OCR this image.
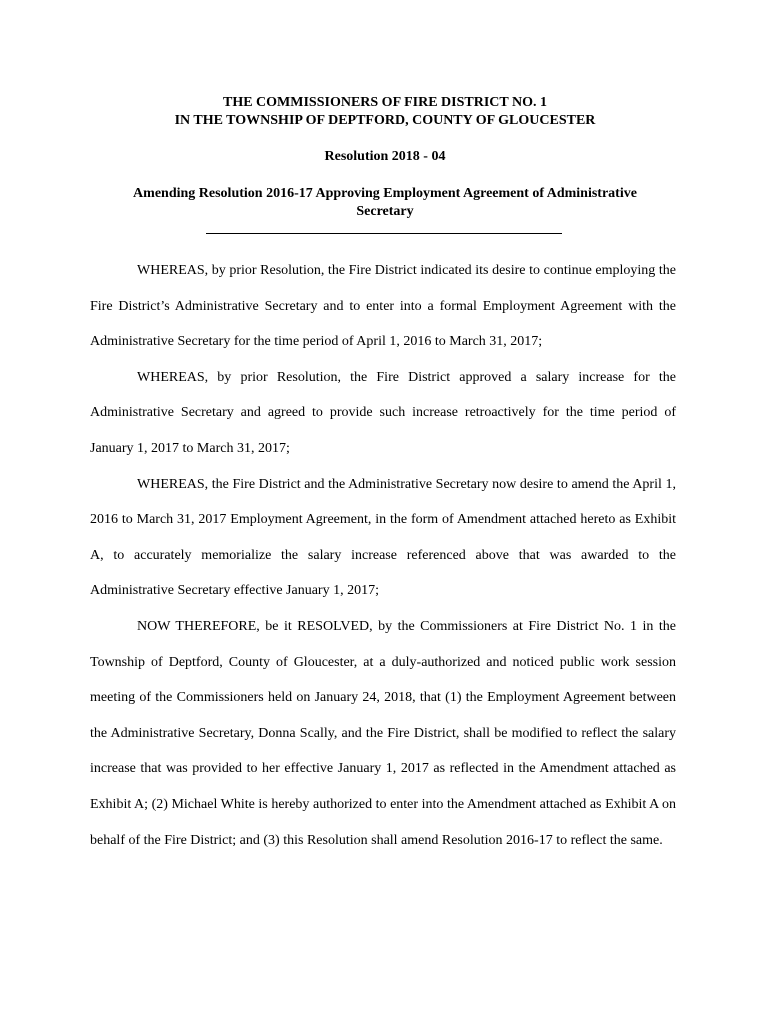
THE COMMISSIONERS OF FIRE DISTRICT NO. 1
IN THE TOWNSHIP OF DEPTFORD, COUNTY OF GLOUCESTER
Resolution 2018 - 04
Amending Resolution 2016-17 Approving Employment Agreement of Administrative Secretary

WHEREAS, by prior Resolution, the Fire District indicated its desire to continue employing the Fire District’s Administrative Secretary and to enter into a formal Employment Agreement with the Administrative Secretary for the time period of April 1, 2016 to March 31, 2017;

WHEREAS, by prior Resolution, the Fire District approved a salary increase for the Administrative Secretary and agreed to provide such increase retroactively for the time period of January 1, 2017 to March 31, 2017;

WHEREAS, the Fire District and the Administrative Secretary now desire to amend the April 1, 2016 to March 31, 2017 Employment Agreement, in the form of Amendment attached hereto as Exhibit A, to accurately memorialize the salary increase referenced above that was awarded to the Administrative Secretary effective January 1, 2017;

NOW THEREFORE, be it RESOLVED, by the Commissioners at Fire District No. 1 in the Township of Deptford, County of Gloucester, at a duly-authorized and noticed public work session meeting of the Commissioners held on January 24, 2018, that (1) the Employment Agreement between the Administrative Secretary, Donna Scally, and the Fire District, shall be modified to reflect the salary increase that was provided to her effective January 1, 2017 as reflected in the Amendment attached as Exhibit A; (2) Michael White is hereby authorized to enter into the Amendment attached as Exhibit A on behalf of the Fire District; and (3) this Resolution shall amend Resolution 2016-17 to reflect the same.
